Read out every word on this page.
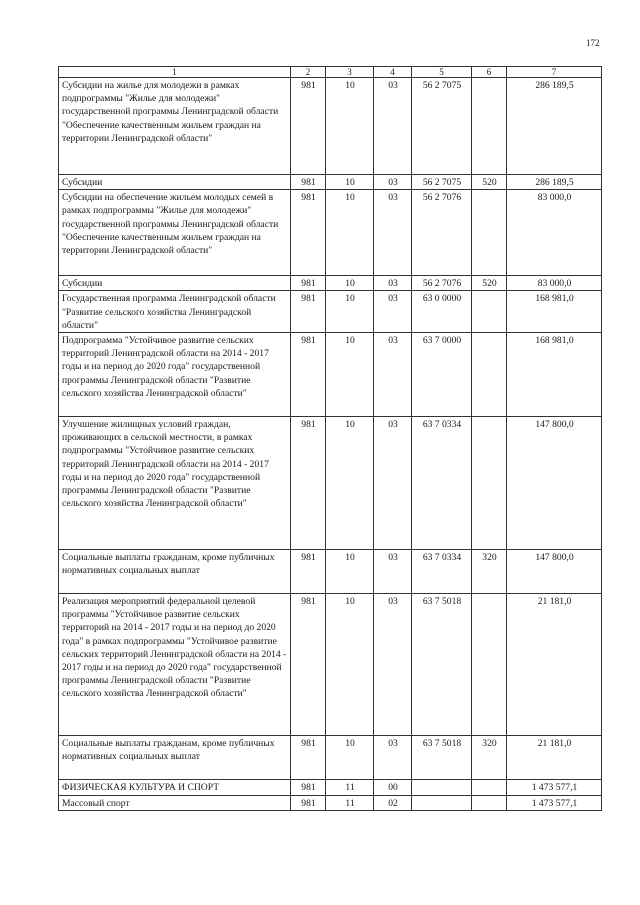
172
1	2	3	4	5	6	7
Субсидии на жилье для молодежи в рамках подпрограммы "Жилье для молодежи" государственной программы Ленинградской области "Обеспечение качественным жильем граждан на территории Ленинградской области"	981	10	03	56 2 7075		286 189,5
Субсидии	981	10	03	56 2 7075	520	286 189,5
Субсидии на обеспечение жильем молодых семей в рамках подпрограммы "Жилье для молодежи" государственной программы Ленинградской области "Обеспечение качественным жильем граждан на территории Ленинградской области"	981	10	03	56 2 7076		83 000,0
Субсидии	981	10	03	56 2 7076	520	83 000,0
Государственная программа Ленинградской области "Развитие сельского хозяйства Ленинградской области"	981	10	03	63 0 0000		168 981,0
Подпрограмма "Устойчивое развитие сельских территорий Ленинградской области на 2014 - 2017 годы и на период до 2020 года" государственной программы Ленинградской области "Развитие сельского хозяйства Ленинградской области"	981	10	03	63 7 0000		168 981,0
Улучшение жилищных условий граждан, проживающих в сельской местности, в рамках подпрограммы "Устойчивое развитие сельских территорий Ленинградской области на 2014 - 2017 годы и на период до 2020 года" государственной программы Ленинградской области "Развитие сельского хозяйства Ленинградской области"	981	10	03	63 7 0334		147 800,0
Социальные выплаты гражданам, кроме публичных нормативных социальных выплат	981	10	03	63 7 0334	320	147 800,0
Реализация мероприятий федеральной целевой программы "Устойчивое развитие сельских территорий на 2014 - 2017 годы и на период до 2020 года" в рамках подпрограммы "Устойчивое развитие сельских территорий Ленинградской области на 2014 - 2017 годы и на период до 2020 года" государственной программы Ленинградской области "Развитие сельского хозяйства Ленинградской области"	981	10	03	63 7 5018		21 181,0
Социальные выплаты гражданам, кроме публичных нормативных социальных выплат	981	10	03	63 7 5018	320	21 181,0
ФИЗИЧЕСКАЯ КУЛЬТУРА И СПОРТ	981	11	00			1 473 577,1
Массовый спорт	981	11	02			1 473 577,1
